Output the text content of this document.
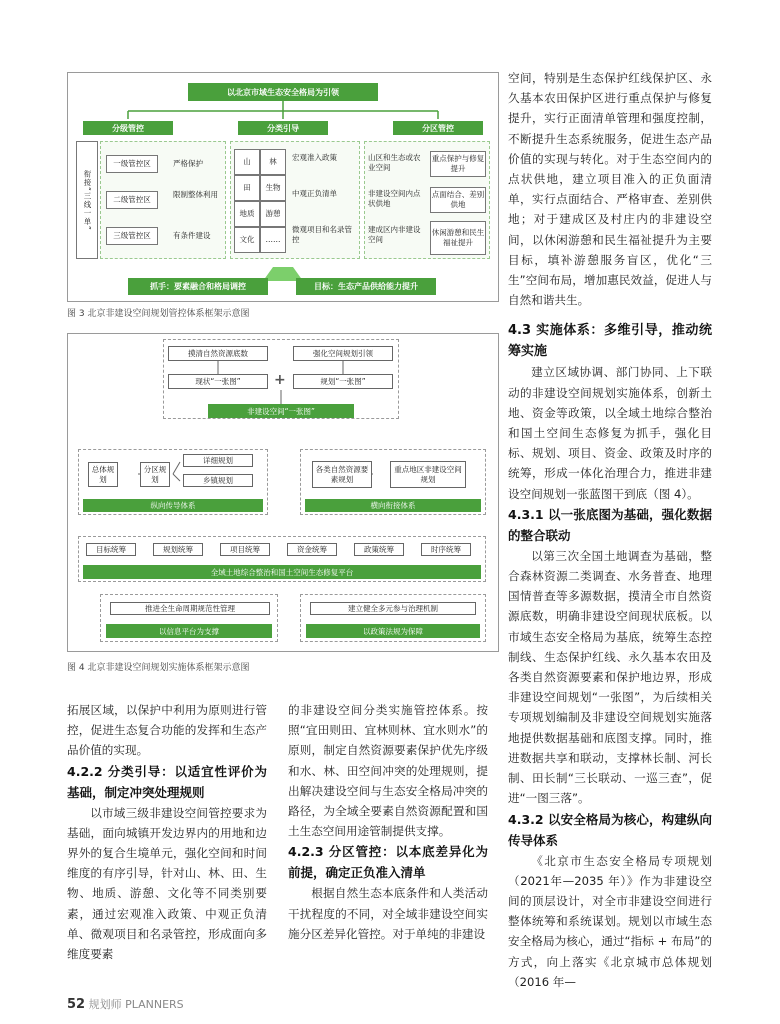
以北京市域生态安全格局为引领
分级管控	分类引导	分区管控
衔接“三线一单”
一级管控区	严格保护
二级管控区
限制整体利用
三级管控区	有条件建设
山	林
田	生物
地质	游憩
文化	……
宏观准入政策
中观正负清单
微观项目和名录管控
山区和生态或农业空间
重点保护与修复提升
非建设空间内点状供地
点面结合、差别供地
建成区内非建设空间
休闲游憩和民生福祉提升
抓手：要素融合和格局调控	目标：生态产品供给能力提升
图 3 北京非建设空间规划管控体系框架示意图
摸清自然资源底数	强化空间规划引领
现状“一张图”	+	规划“一张图”
非建设空间“一张图”
总体规划
分区规划
详细规划
乡镇规划
纵向传导体系
各类自然资源要素规划
重点地区非建设空间规划
横向衔接体系
目标统筹	规划统筹	项目统筹	资金统筹	政策统筹	时序统筹
全域土地综合整治和国土空间生态修复平台
推进全生命周期规范性管理
以信息平台为支撑
建立健全多元参与治理机制
以政策法规为保障
图 4 北京非建设空间规划实施体系框架示意图

拓展区域，以保护中利用为原则进行管控，促进生态复合功能的发挥和生态产品价值的实现。

4.2.2 分类引导：以适宜性评价为基础，制定冲突处理规则

以市域三级非建设空间管控要求为基础，面向城镇开发边界内的用地和边界外的复合生境单元，强化空间和时间维度的有序引导，针对山、林、田、生物、地质、游憩、文化等不同类别要素，通过宏观准入政策、中观正负清单、微观项目和名录管控，形成面向多维度要素

的非建设空间分类实施管控体系。按照“宜田则田、宜林则林、宜水则水”的原则，制定自然资源要素保护优先序级和水、林、田空间冲突的处理规则，提出解决建设空间与生态安全格局冲突的路径，为全域全要素自然资源配置和国土生态空间用途管制提供支撑。

4.2.3 分区管控：以本底差异化为前提，确定正负准入清单

根据自然生态本底条件和人类活动干扰程度的不同，对全域非建设空间实施分区差异化管控。对于单纯的非建设

空间，特别是生态保护红线保护区、永久基本农田保护区进行重点保护与修复提升，实行正面清单管理和强度控制，不断提升生态系统服务，促进生态产品价值的实现与转化。对于生态空间内的点状供地，建立项目准入的正负面清单，实行点面结合、严格审查、差别供地；对于建成区及村庄内的非建设空间，以休闲游憩和民生福祉提升为主要目标，填补游憩服务盲区，优化“三生”空间布局，增加惠民效益，促进人与自然和谐共生。

4.3 实施体系：多维引导，推动统筹实施

建立区域协调、部门协同、上下联动的非建设空间规划实施体系，创新土地、资金等政策，以全域土地综合整治和国土空间生态修复为抓手，强化目标、规划、项目、资金、政策及时序的统筹，形成一体化治理合力，推进非建设空间规划一张蓝图干到底（图 4）。

4.3.1 以一张底图为基础，强化数据的整合联动

以第三次全国土地调查为基础，整合森林资源二类调查、水务普查、地理国情普查等多源数据，摸清全市自然资源底数，明确非建设空间现状底板。以市域生态安全格局为基底，统筹生态控制线、生态保护红线、永久基本农田及各类自然资源要素和保护地边界，形成非建设空间规划“一张图”，为后续相关专项规划编制及非建设空间规划实施落地提供数据基础和底图支撑。同时，推进数据共享和联动，支撑林长制、河长制、田长制“三长联动、一巡三查”，促进“一图三落”。

4.3.2 以安全格局为核心，构建纵向传导体系

《北京市生态安全格局专项规划（2021年—2035 年）》作为非建设空间的顶层设计，对全市非建设空间进行整体统筹和系统谋划。规划以市域生态安全格局为核心，通过“指标 + 布局”的方式，向上落实《北京城市总体规划（2016 年—

52 规划师 PLANNERS
